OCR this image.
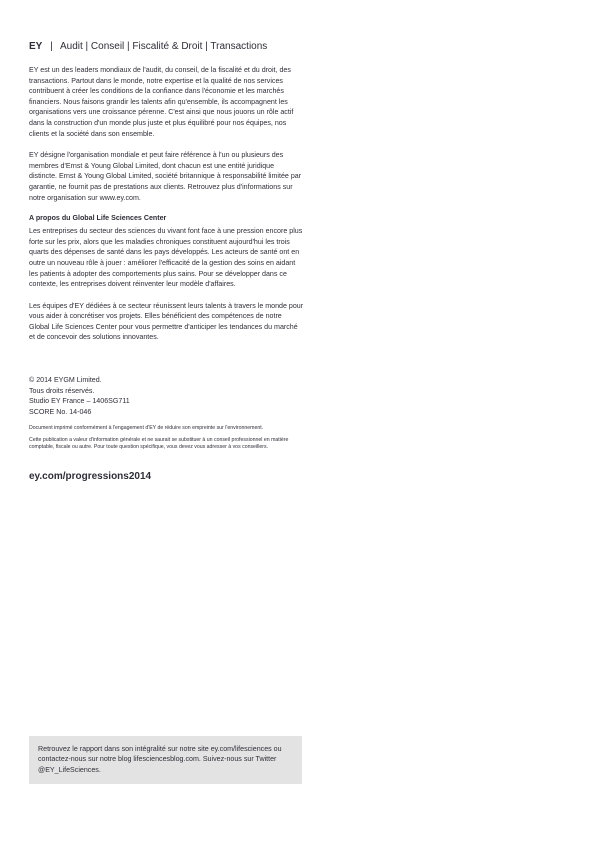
EY | Audit | Conseil | Fiscalité & Droit | Transactions

EY est un des leaders mondiaux de l'audit, du conseil, de la fiscalité et du droit, des transactions. Partout dans le monde, notre expertise et la qualité de nos services contribuent à créer les conditions de la confiance dans l'économie et les marchés financiers. Nous faisons grandir les talents afin qu'ensemble, ils accompagnent les organisations vers une croissance pérenne. C'est ainsi que nous jouons un rôle actif dans la construction d'un monde plus juste et plus équilibré pour nos équipes, nos clients et la société dans son ensemble.

EY désigne l'organisation mondiale et peut faire référence à l'un ou plusieurs des membres d'Ernst & Young Global Limited, dont chacun est une entité juridique distincte. Ernst & Young Global Limited, société britannique à responsabilité limitée par garantie, ne fournit pas de prestations aux clients. Retrouvez plus d'informations sur notre organisation sur www.ey.com.

A propos du Global Life Sciences Center

Les entreprises du secteur des sciences du vivant font face à une pression encore plus forte sur les prix, alors que les maladies chroniques constituent aujourd'hui les trois quarts des dépenses de santé dans les pays développés. Les acteurs de santé ont en outre un nouveau rôle à jouer : améliorer l'efficacité de la gestion des soins en aidant les patients à adopter des comportements plus sains. Pour se développer dans ce contexte, les entreprises doivent réinventer leur modèle d'affaires.

Les équipes d'EY dédiées à ce secteur réunissent leurs talents à travers le monde pour vous aider à concrétiser vos projets. Elles bénéficient des compétences de notre Global Life Sciences Center pour vous permettre d'anticiper les tendances du marché et de concevoir des solutions innovantes.

© 2014 EYGM Limited.

Tous droits réservés.

Studio EY France – 1406SG711

SCORE No. 14-046

Document imprimé conformément à l'engagement d'EY de réduire son empreinte sur l'environnement.

Cette publication a valeur d'information générale et ne saurait se substituer à un conseil professionnel en matière comptable, fiscale ou autre. Pour toute question spécifique, vous devez vous adresser à vos conseillers.

ey.com/progressions2014

Retrouvez le rapport dans son intégralité sur notre site ey.com/lifesciences ou contactez-nous sur notre blog lifesciencesblog.com. Suivez-nous sur Twitter @EY_LifeSciences.
